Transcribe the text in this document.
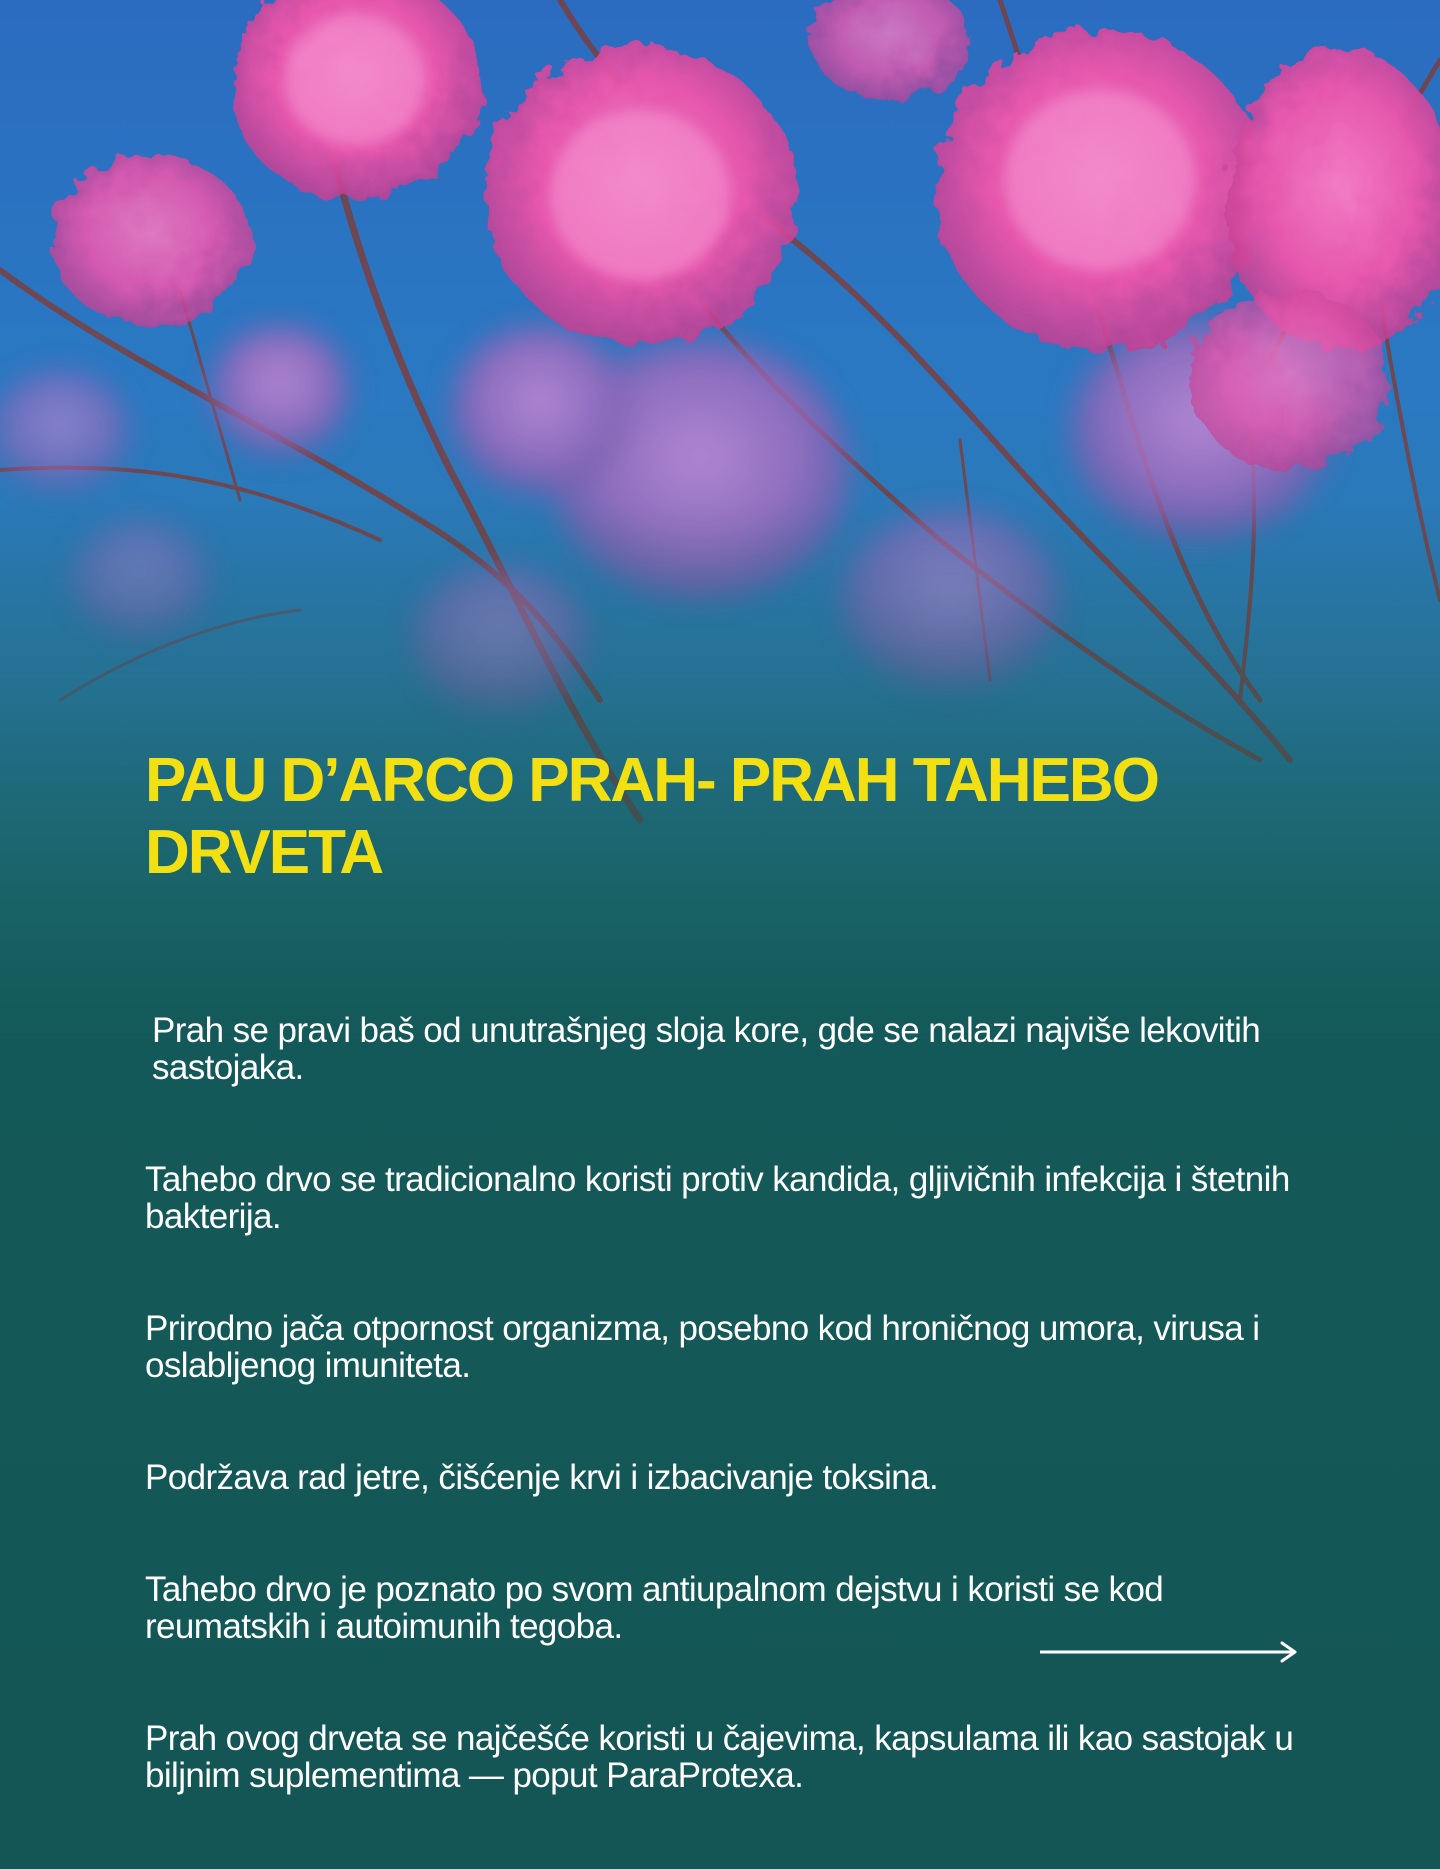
PAU D’ARCO PRAH- PRAH TAHEBO DRVETA

Prah se pravi baš od unutrašnjeg sloja kore, gde se nalazi najviše lekovitih sastojaka.

Tahebo drvo se tradicionalno koristi protiv kandida, gljivičnih infekcija i štetnih bakterija.

Prirodno jača otpornost organizma, posebno kod hroničnog umora, virusa i oslabljenog imuniteta.

Podržava rad jetre, čišćenje krvi i izbacivanje toksina.

Tahebo drvo je poznato po svom antiupalnom dejstvu i koristi se kod reumatskih i autoimunih tegoba.

Prah ovog drveta se najčešće koristi u čajevima, kapsulama ili kao sastojak u biljnim suplementima — poput ParaProtexa.
